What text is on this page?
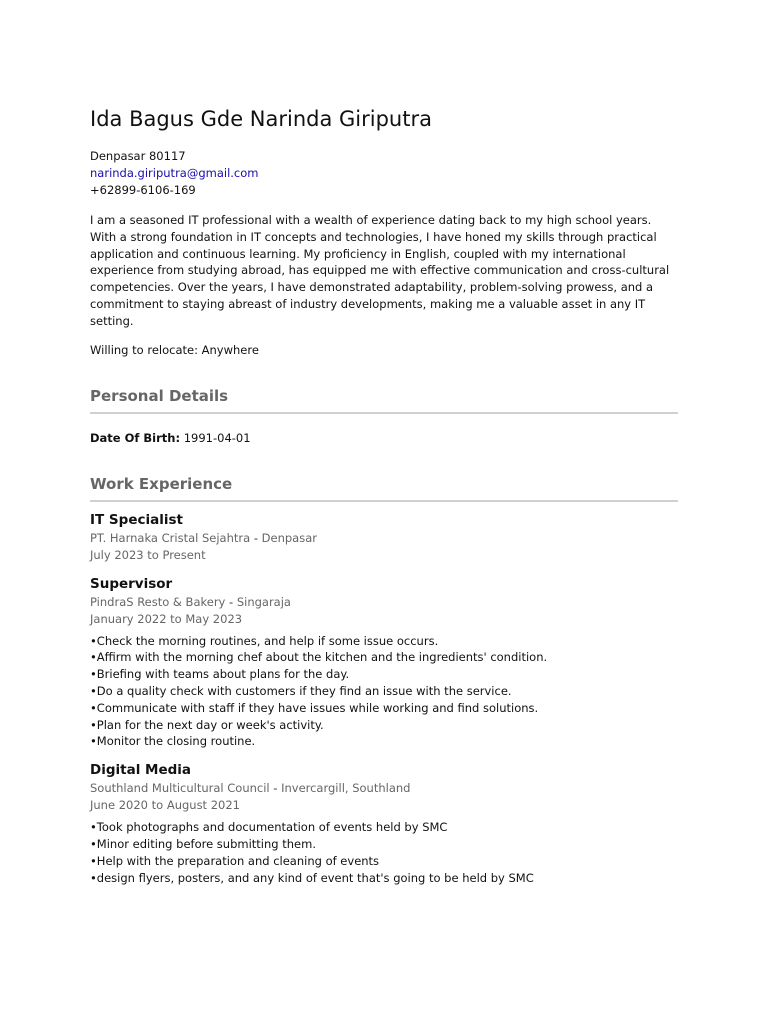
Ida Bagus Gde Narinda Giriputra
Denpasar 80117
narinda.giriputra@gmail.com
+62899-6106-169

I am a seasoned IT professional with a wealth of experience dating back to my high school years. With a strong foundation in IT concepts and technologies, I have honed my skills through practical application and continuous learning. My proficiency in English, coupled with my international experience from studying abroad, has equipped me with effective communication and cross-cultural competencies. Over the years, I have demonstrated adaptability, problem-solving prowess, and a commitment to staying abreast of industry developments, making me a valuable asset in any IT setting.

Willing to relocate: Anywhere

Personal Details
Date Of Birth: 1991-04-01
Work Experience
IT Specialist
PT. Harnaka Cristal Sejahtra - Denpasar
July 2023 to Present
Supervisor
PindraS Resto & Bakery - Singaraja
January 2022 to May 2023
• Check the morning routines, and help if some issue occurs.
• Affirm with the morning chef about the kitchen and the ingredients' condition.
• Briefing with teams about plans for the day.
• Do a quality check with customers if they find an issue with the service.
• Communicate with staff if they have issues while working and find solutions.
• Plan for the next day or week's activity.
• Monitor the closing routine.
Digital Media
Southland Multicultural Council - Invercargill, Southland
June 2020 to August 2021
• Took photographs and documentation of events held by SMC
• Minor editing before submitting them.
• Help with the preparation and cleaning of events
• design flyers, posters, and any kind of event that's going to be held by SMC
